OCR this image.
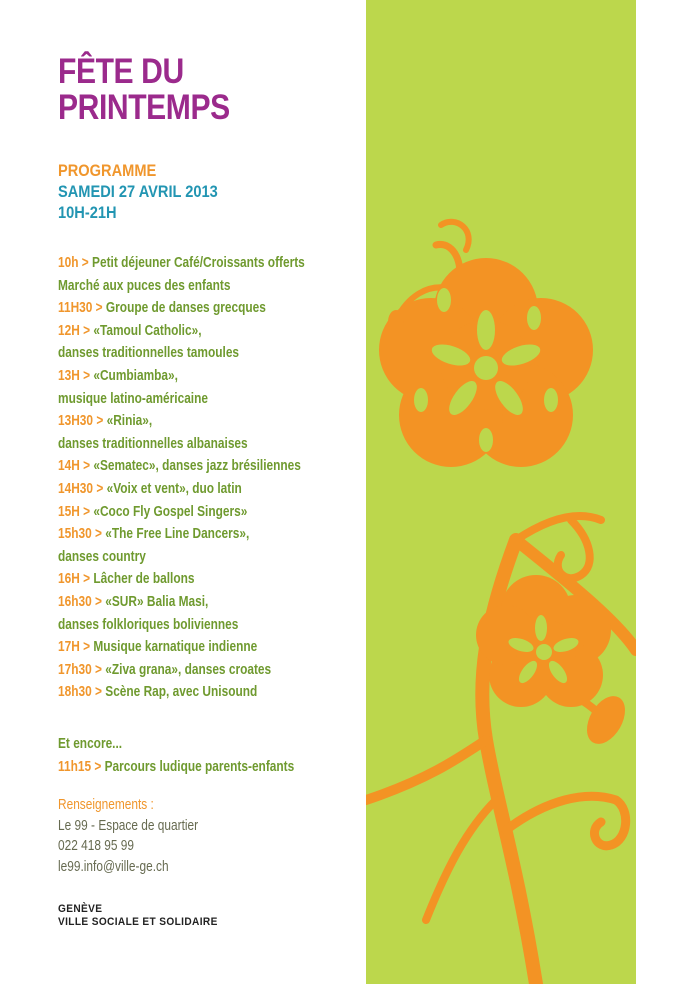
FÊTE DU
PRINTEMPS
PROGRAMME
SAMEDI 27 AVRIL 2013
10H-21H
10h > Petit déjeuner Café/Croissants offerts
Marché aux puces des enfants
11H30 > Groupe de danses grecques
12H > «Tamoul Catholic»,
danses traditionnelles tamoules
13H > «Cumbiamba»,
musique latino-américaine
13H30 > «Rinia»,
danses traditionnelles albanaises
14H > «Sematec», danses jazz brésiliennes
14H30 > «Voix et vent», duo latin
15H > «Coco Fly Gospel Singers»
15h30 > «The Free Line Dancers»,
danses country
16H > Lâcher de ballons
16h30 > «SUR» Balia Masi,
danses folkloriques boliviennes
17H > Musique karnatique indienne
17h30 > «Ziva grana», danses croates
18h30 > Scène Rap, avec Unisound
Et encore...
11h15 > Parcours ludique parents-enfants
Renseignements :
Le 99 - Espace de quartier
022 418 95 99
le99.info@ville-ge.ch
GENÈVE
VILLE SOCIALE ET SOLIDAIRE
